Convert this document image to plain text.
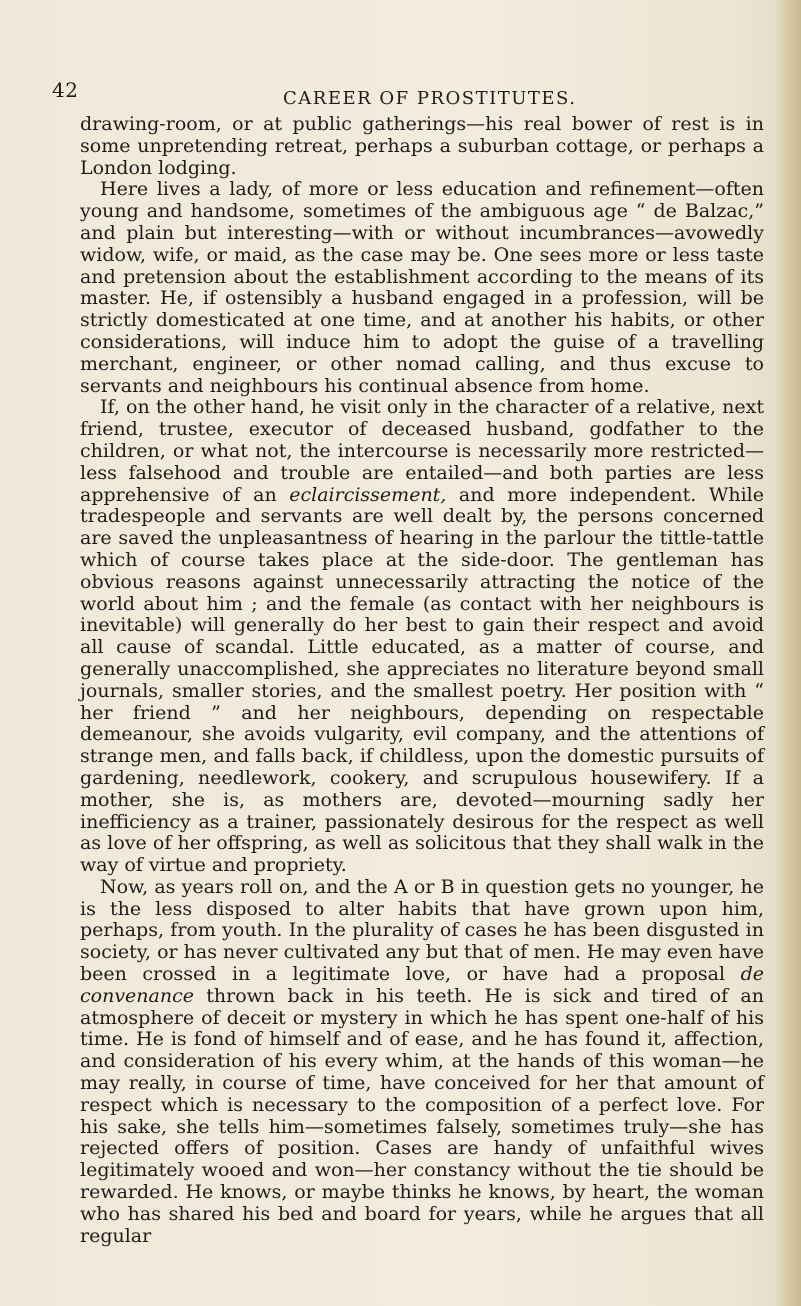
42	CAREER OF PROSTITUTES.

drawing-room, or at public gatherings—his real bower of rest is in some unpretending retreat, perhaps a suburban cottage, or perhaps a London lodging.

Here lives a lady, of more or less education and refinement—often young and handsome, sometimes of the ambiguous age “ de Balzac,” and plain but interesting—with or without incumbrances—avowedly widow, wife, or maid, as the case may be. One sees more or less taste and pretension about the establishment according to the means of its master. He, if ostensibly a husband engaged in a profession, will be strictly domesticated at one time, and at another his habits, or other considerations, will induce him to adopt the guise of a travelling merchant, engineer, or other nomad calling, and thus excuse to servants and neighbours his continual absence from home.

If, on the other hand, he visit only in the character of a relative, next friend, trustee, executor of deceased husband, godfather to the children, or what not, the intercourse is necessarily more restricted—less falsehood and trouble are entailed—and both parties are less apprehensive of an eclaircissement, and more independent. While tradespeople and servants are well dealt by, the persons concerned are saved the unpleasantness of hearing in the parlour the tittle-tattle which of course takes place at the side-door. The gentleman has obvious reasons against unnecessarily attracting the notice of the world about him ; and the female (as contact with her neighbours is inevitable) will generally do her best to gain their respect and avoid all cause of scandal. Little educated, as a matter of course, and generally unaccomplished, she appreciates no literature beyond small journals, smaller stories, and the smallest poetry. Her position with “ her friend ” and her neighbours, depending on respectable demeanour, she avoids vulgarity, evil company, and the attentions of strange men, and falls back, if childless, upon the domestic pursuits of gardening, needlework, cookery, and scrupulous housewifery. If a mother, she is, as mothers are, devoted—mourning sadly her inefficiency as a trainer, passionately desirous for the respect as well as love of her offspring, as well as solicitous that they shall walk in the way of virtue and propriety.

Now, as years roll on, and the A or B in question gets no younger, he is the less disposed to alter habits that have grown upon him, perhaps, from youth. In the plurality of cases he has been disgusted in society, or has never cultivated any but that of men. He may even have been crossed in a legitimate love, or have had a proposal de convenance thrown back in his teeth. He is sick and tired of an atmosphere of deceit or mystery in which he has spent one-half of his time. He is fond of himself and of ease, and he has found it, affection, and consideration of his every whim, at the hands of this woman—he may really, in course of time, have conceived for her that amount of respect which is necessary to the composition of a perfect love. For his sake, she tells him—sometimes falsely, sometimes truly—she has rejected offers of position. Cases are handy of unfaithful wives legitimately wooed and won—her constancy without the tie should be rewarded. He knows, or maybe thinks he knows, by heart, the woman who has shared his bed and board for years, while he argues that all regular
